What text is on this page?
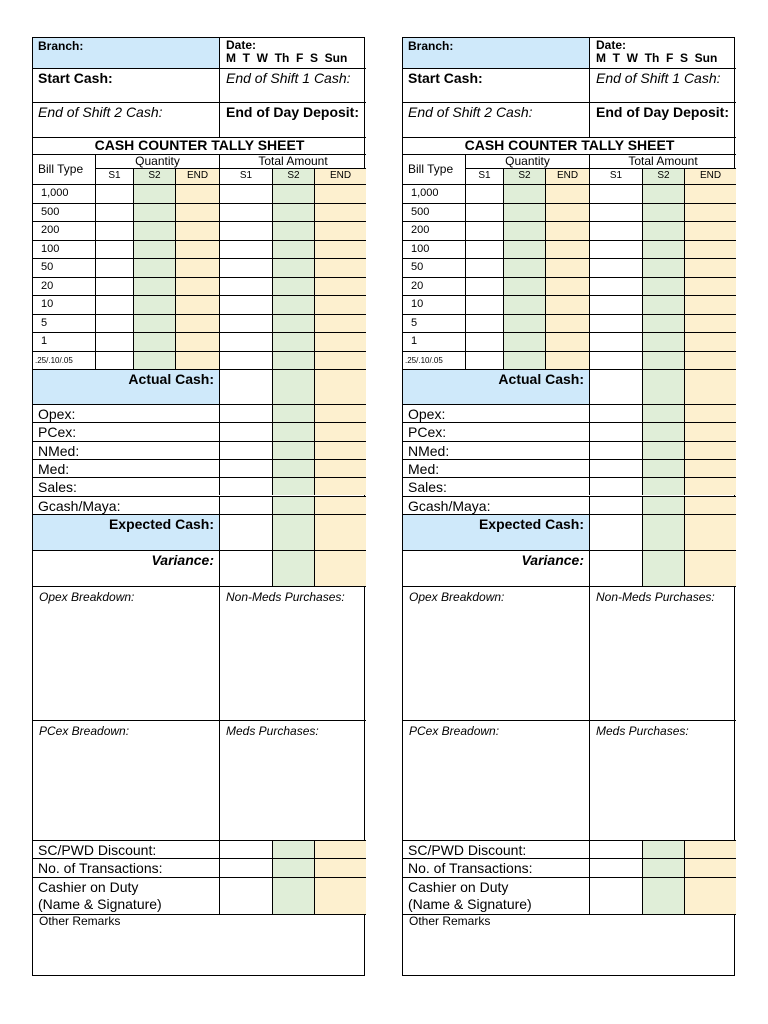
Branch:	Date:
M  T  W  Th  F  S  Sun
Start Cash:	End of Shift 1 Cash:
End of Shift 2 Cash:	End of Day Deposit:
CASH COUNTER TALLY SHEET
Bill Type
Quantity	Total Amount
S1	S2	END	S1	S2	END
1,000
500
200
100
50
20
10
5
1
.25/.10/.05
Actual Cash:
Opex:
PCex:
NMed:
Med:
Sales:
Gcash/Maya:
Expected Cash:
Variance:
Opex Breakdown:	Non-Meds Purchases:
PCex Breadown:	Meds Purchases:
SC/PWD Discount:
No. of Transactions:
Cashier on Duty
(Name & Signature)
Other Remarks
Branch:	Date:
M  T  W  Th  F  S  Sun
Start Cash:	End of Shift 1 Cash:
End of Shift 2 Cash:	End of Day Deposit:
CASH COUNTER TALLY SHEET
Bill Type
Quantity	Total Amount
S1	S2	END	S1	S2	END
1,000
500
200
100
50
20
10
5
1
.25/.10/.05
Actual Cash:
Opex:
PCex:
NMed:
Med:
Sales:
Gcash/Maya:
Expected Cash:
Variance:
Opex Breakdown:	Non-Meds Purchases:
PCex Breadown:	Meds Purchases:
SC/PWD Discount:
No. of Transactions:
Cashier on Duty
(Name & Signature)
Other Remarks
